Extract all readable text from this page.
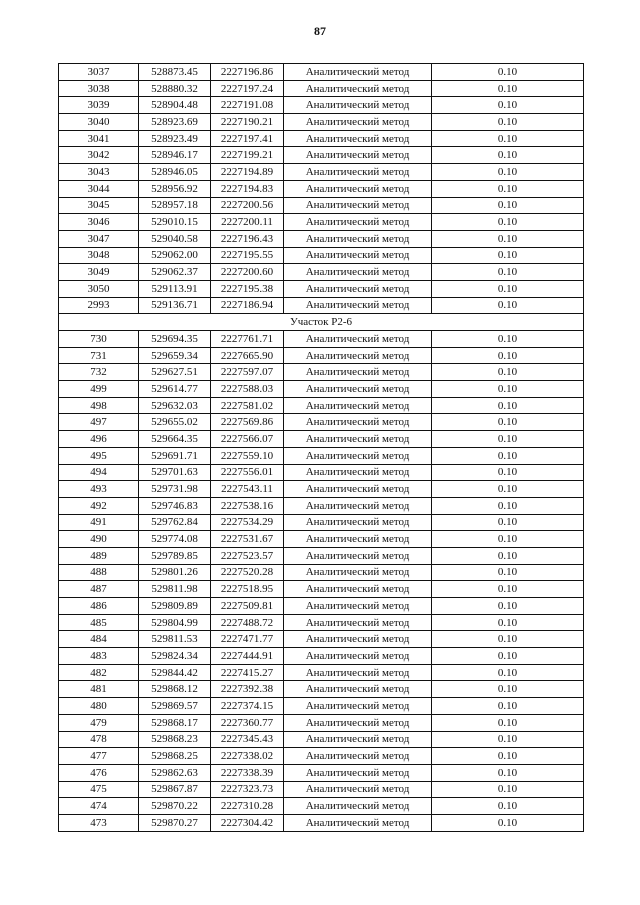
87
3037	528873.45	2227196.86	Аналитический метод	0.10
3038	528880.32	2227197.24	Аналитический метод	0.10
3039	528904.48	2227191.08	Аналитический метод	0.10
3040	528923.69	2227190.21	Аналитический метод	0.10
3041	528923.49	2227197.41	Аналитический метод	0.10
3042	528946.17	2227199.21	Аналитический метод	0.10
3043	528946.05	2227194.89	Аналитический метод	0.10
3044	528956.92	2227194.83	Аналитический метод	0.10
3045	528957.18	2227200.56	Аналитический метод	0.10
3046	529010.15	2227200.11	Аналитический метод	0.10
3047	529040.58	2227196.43	Аналитический метод	0.10
3048	529062.00	2227195.55	Аналитический метод	0.10
3049	529062.37	2227200.60	Аналитический метод	0.10
3050	529113.91	2227195.38	Аналитический метод	0.10
2993	529136.71	2227186.94	Аналитический метод	0.10
Участок Р2-6				
730	529694.35	2227761.71	Аналитический метод	0.10
731	529659.34	2227665.90	Аналитический метод	0.10
732	529627.51	2227597.07	Аналитический метод	0.10
499	529614.77	2227588.03	Аналитический метод	0.10
498	529632.03	2227581.02	Аналитический метод	0.10
497	529655.02	2227569.86	Аналитический метод	0.10
496	529664.35	2227566.07	Аналитический метод	0.10
495	529691.71	2227559.10	Аналитический метод	0.10
494	529701.63	2227556.01	Аналитический метод	0.10
493	529731.98	2227543.11	Аналитический метод	0.10
492	529746.83	2227538.16	Аналитический метод	0.10
491	529762.84	2227534.29	Аналитический метод	0.10
490	529774.08	2227531.67	Аналитический метод	0.10
489	529789.85	2227523.57	Аналитический метод	0.10
488	529801.26	2227520.28	Аналитический метод	0.10
487	529811.98	2227518.95	Аналитический метод	0.10
486	529809.89	2227509.81	Аналитический метод	0.10
485	529804.99	2227488.72	Аналитический метод	0.10
484	529811.53	2227471.77	Аналитический метод	0.10
483	529824.34	2227444.91	Аналитический метод	0.10
482	529844.42	2227415.27	Аналитический метод	0.10
481	529868.12	2227392.38	Аналитический метод	0.10
480	529869.57	2227374.15	Аналитический метод	0.10
479	529868.17	2227360.77	Аналитический метод	0.10
478	529868.23	2227345.43	Аналитический метод	0.10
477	529868.25	2227338.02	Аналитический метод	0.10
476	529862.63	2227338.39	Аналитический метод	0.10
475	529867.87	2227323.73	Аналитический метод	0.10
474	529870.22	2227310.28	Аналитический метод	0.10
473	529870.27	2227304.42	Аналитический метод	0.10
